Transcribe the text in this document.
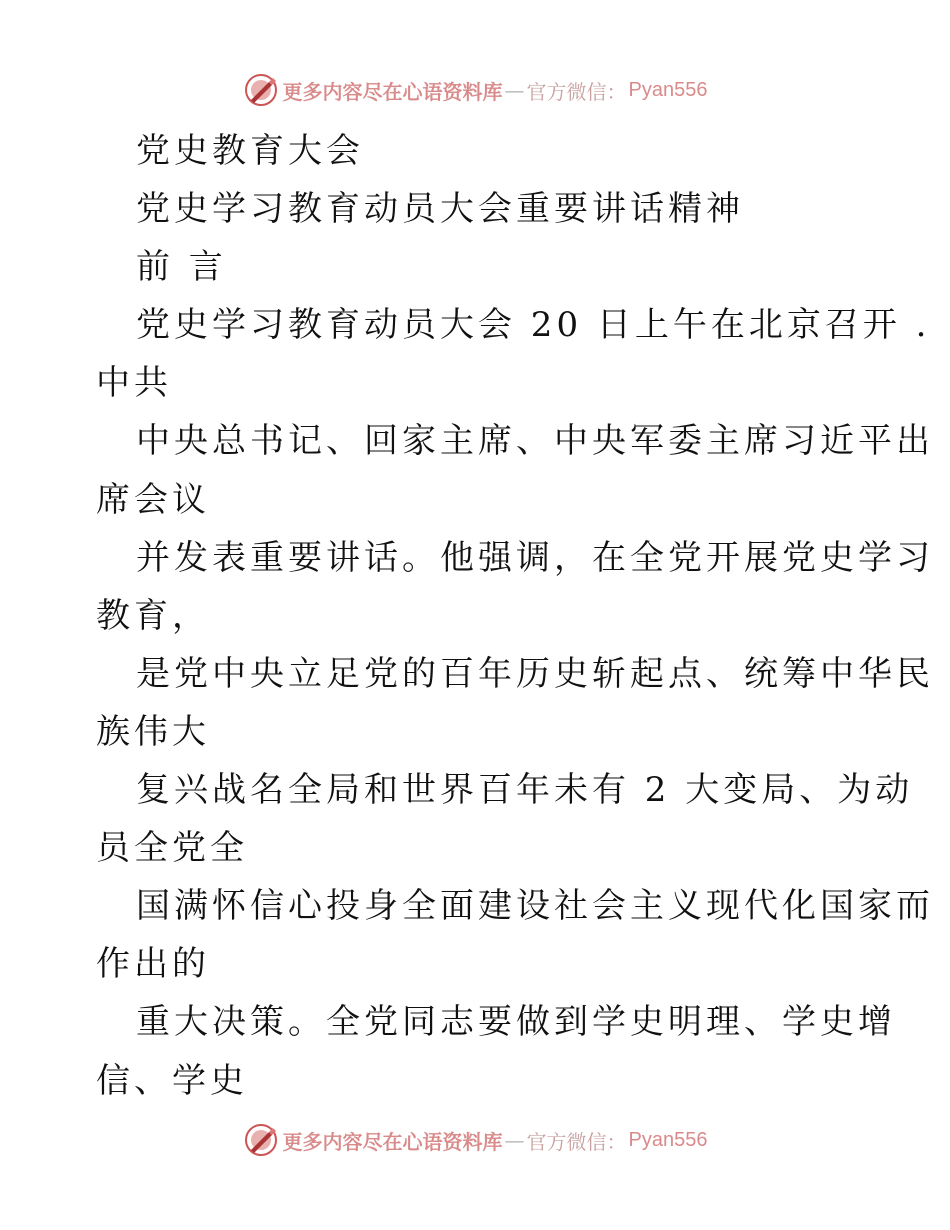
更多内容尽在心语资料库 — 官方微信： Pyan556
党史教育大会
党史学习教育动员大会重要讲话精神
前 言
党史学习教育动员大会 20 日上午在北京召开 .
中共
中央总书记、回家主席、中央军委主席习近平出
席会议
并发表重要讲话。他强调，在全党开展党史学习
教育，
是党中央立足党的百年历史斩起点、统筹中华民
族伟大
复兴战名全局和世界百年未有 2 大变局、为动
员全党全
国满怀信心投身全面建设社会主义现代化国家而
作出的
重大决策。全党同志要做到学史明理、学史增
信、学史
更多内容尽在心语资料库 — 官方微信： Pyan556
